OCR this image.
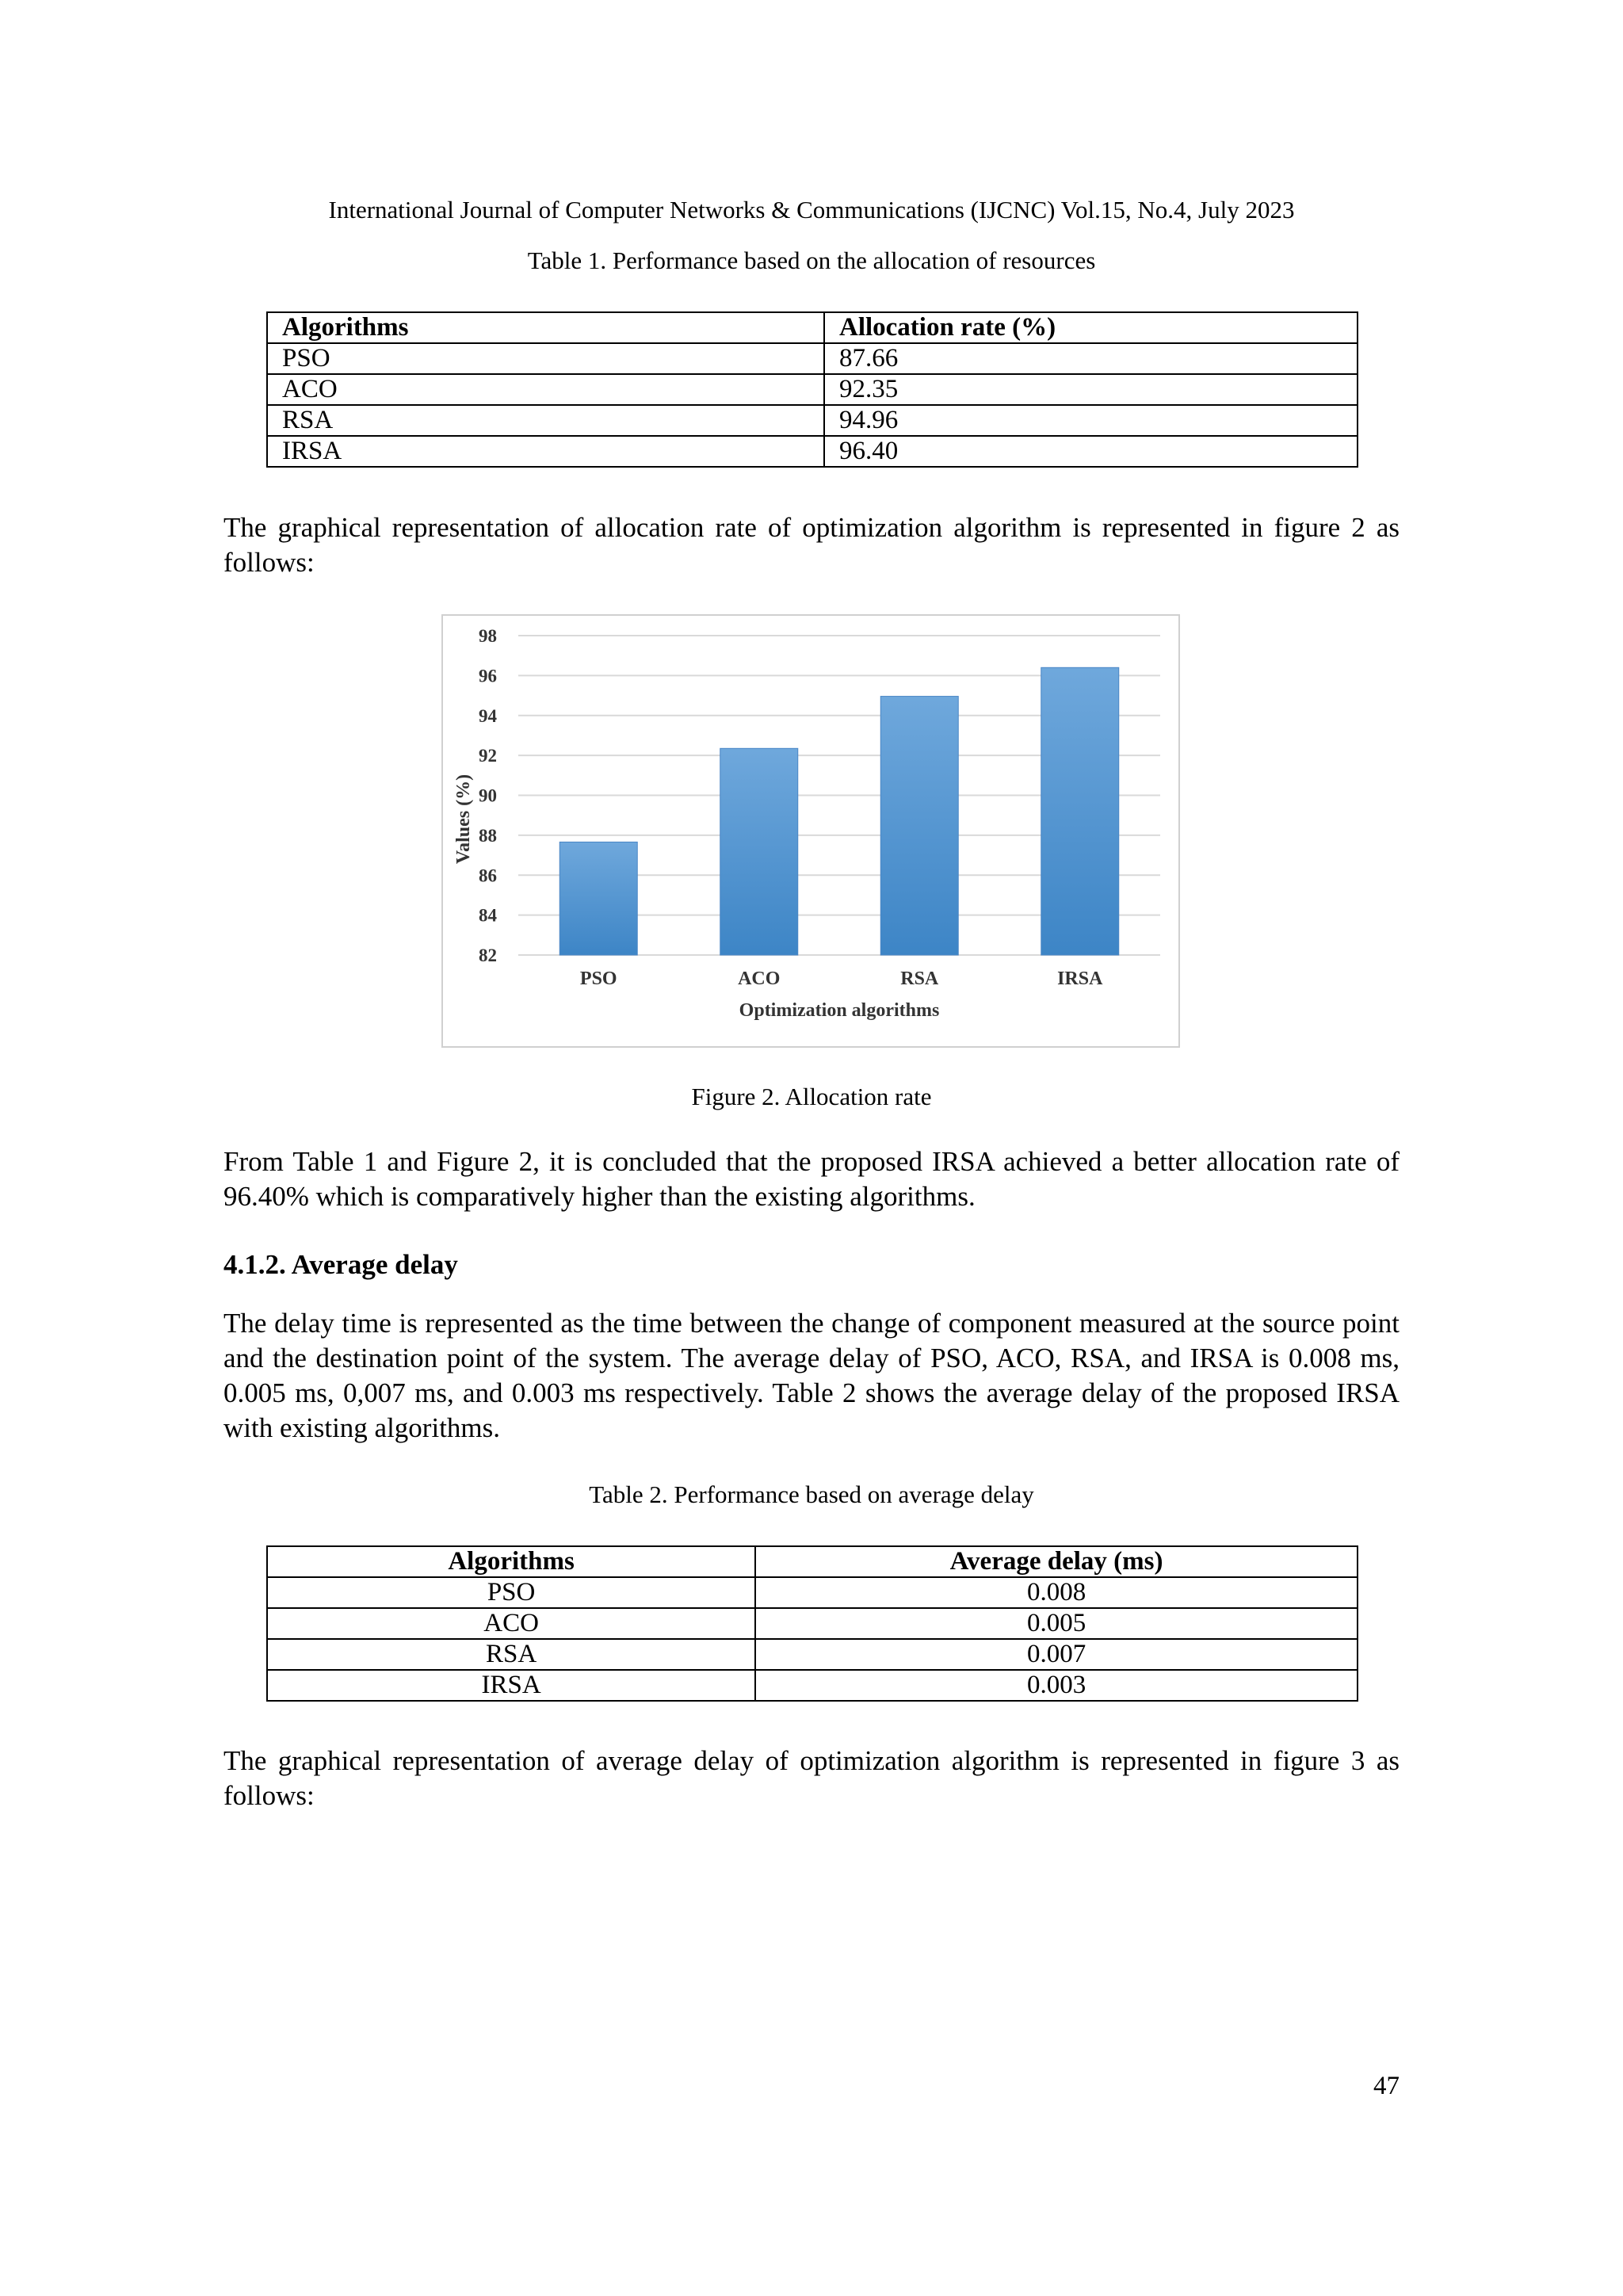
International Journal of Computer Networks & Communications (IJCNC) Vol.15, No.4, July 2023
Table 1. Performance based on the allocation of resources
Algorithms	Allocation rate (%)
PSO	87.66
ACO	92.35
RSA	94.96
IRSA	96.40
The graphical representation of allocation rate of optimization algorithm is represented in figure 2 as follows:
82
84
86
88
90
92
94
96
98
PSO	ACO	RSA	IRSA
Optimization algorithms
Values (%)
Figure 2. Allocation rate
From Table 1 and Figure 2, it is concluded that the proposed IRSA achieved a better allocation rate of 96.40% which is comparatively higher than the existing algorithms.
4.1.2. Average delay
The delay time is represented as the time between the change of component measured at the source point and the destination point of the system. The average delay of PSO, ACO, RSA, and IRSA is 0.008 ms, 0.005 ms, 0,007 ms, and 0.003 ms respectively. Table 2 shows the average delay of the proposed IRSA with existing algorithms.
Table 2. Performance based on average delay
Algorithms	Average delay (ms)
PSO	0.008
ACO	0.005
RSA	0.007
IRSA	0.003
The graphical representation of average delay of optimization algorithm is represented in figure 3 as follows:
47
